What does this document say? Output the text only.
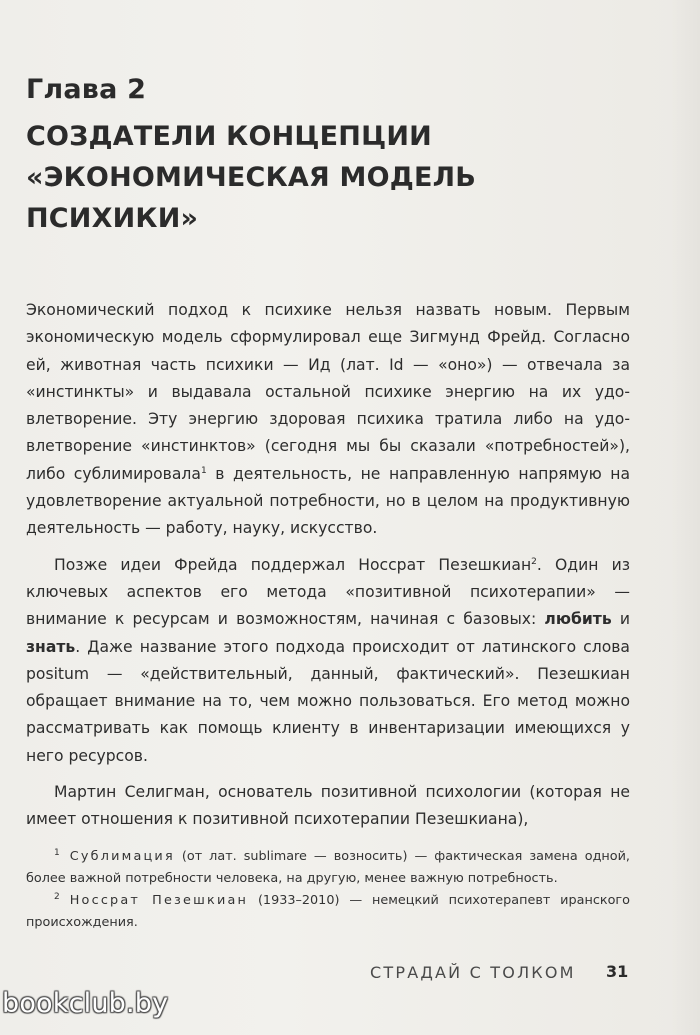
Глава 2
СОЗДАТЕЛИ КОНЦЕПЦИИ
«ЭКОНОМИЧЕСКАЯ МОДЕЛЬ
ПСИХИКИ»

Экономический подход к психике нельзя назвать новым. Первым экономическую модель сформулировал еще Зигмунд Фрейд. Согласно ей, животная часть психики — Ид (лат. Id — «оно») — отвечала за «инстинкты» и выдавала остальной психике энергию на их удовлетворение. Эту энергию здоровая психика тратила либо на удовлетворение «инстинктов» (сегодня мы бы сказали «потребностей»), либо сублимировала$^1$ в деятельность, не направленную напрямую на удовлетворение актуальной потребности, но в целом на продуктивную деятельность — работу, науку, искусство.

Позже идеи Фрейда поддержал Носсрат Пезешкиан$^2$. Один из ключевых аспектов его метода «позитивной психотерапии» — внимание к ресурсам и возможностям, начиная с базовых: любить и знать. Даже название этого подхода происходит от латинского слова positum — «действительный, данный, фактический». Пезешкиан обращает внимание на то, чем можно пользоваться. Его метод можно рассматривать как помощь клиенту в инвентаризации имеющихся у него ресурсов.

Мартин Селигман, основатель позитивной психологии (которая не имеет отношения к позитивной психотерапии Пезешкиана),

$^1$ Сублимация (от лат. sublimare — возносить) — фактическая замена одной, более важной потребности человека, на другую, менее важную потребность.

$^2$ Носсрат Пезешкиан (1933–2010) — немецкий психотерапевт иранского происхождения.

СТРАДАЙ С ТОЛКОМ 31
bookclub.by
